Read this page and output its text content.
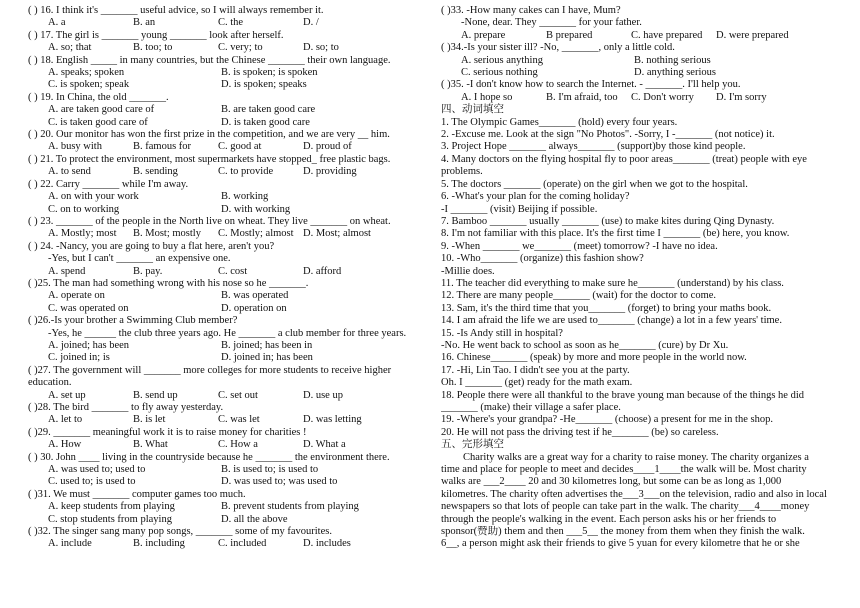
( ) 16. I think it's _______ useful advice, so I will always remember it.
A. a	B. an	C. the	D. /
( ) 17. The girl is _______ young _______ look after herself.
A. so; that	B. too; to	C. very; to	D. so; to
( ) 18. English _____ in many countries, but the Chinese _______ their own language.
A. speaks; spoken	B. is spoken; is spoken
C. is spoken; speak	D. is spoken; speaks
( ) 19. In China, the old _______.
A. are taken good care of	B. are taken good care
C. is taken good care of	D. is taken good care
( ) 20. Our monitor has won the first prize in the competition, and we are very __ him.
A. busy with	B. famous for	C. good at	D. proud of
( ) 21. To protect the environment, most supermarkets have stopped_ free plastic bags.
A. to send	B. sending	C. to provide	D. providing
( ) 22. Carry _______ while I'm away.
A. on with your work	B. working
C. on to working	D. with working
( ) 23. _______ of the people in the North live on wheat. They live _______ on wheat.
A. Mostly; most	B. Most; mostly	C. Mostly; almost D. Most; almost
( ) 24. -Nancy, you are going to buy a flat here, aren't you?
-Yes, but I can't _______ an expensive one.
A. spend	B. pay.	C. cost	D. afford
( )25. The man had something wrong with his nose so he _______.
A. operate on	B. was operated
C. was operated on	D. operation on
( )26.-Is your brother a Swimming Club member?
-Yes, he ______ the club three years ago. He _______ a club member for three years.
A. joined; has been	B. joined; has been in
C. joined in; is	D. joined in; has been
( )27. The government will _______ more colleges for more students to receive higher
education.
A. set up	B. send up	C. set out	D. use up
( )28. The bird _______ to fly away yesterday.
A. let to	B. is let	C. was let	D. was letting
( )29. _______ meaningful work it is to raise money for charities !
A. How	B. What	C. How a	D. What a
( ) 30. John ____ living in the countryside because he _______ the environment there.
A. was used to; used to	B. is used to; is used to
C. used to; is used to	D. was used to; was used to
( )31. We must _______ computer games too much.
A. keep students from playing	B. prevent students from playing
C. stop students from playing	D. all the above
( )32. The singer sang many pop songs, _______ some of my favourites.
A. include	B. including	C. included	D. includes
( )33. -How many cakes can I have, Mum?
-None, dear. They _______ for your father.
A. prepare	B prepared	C. have prepared	D. were prepared
( )34.-Is your sister ill? -No, _______, only a little cold.
A. serious anything	B. nothing serious
C. serious nothing	D. anything serious
( )35. -I don't know how to search the Internet. - _______. I'll help you.
A. I hope so	B. I'm afraid, too	C. Don't worry	D. I'm sorry
四、动词填空
1. The Olympic Games_______ (hold) every four years.
2. -Excuse me. Look at the sign "No Photos". -Sorry, I -_______ (not notice) it.
3. Project Hope _______ always_______ (support)by those kind people.
4. Many doctors on the flying hospital fly to poor areas_______ (treat) people with eye
problems.
5. The doctors _______ (operate) on the girl when we got to the hospital.
6. -What's your plan for the coming holiday?
-I _______ (visit) Beijing if possible.
7. Bamboo _______ usually _______ (use) to make kites during Qing Dynasty.
8. I'm not familiar with this place. It's the first time I _______ (be) here, you know.
9. -When _______ we_______ (meet) tomorrow? -I have no idea.
10. -Who_______ (organize) this fashion show?
-Millie does.
11. The teacher did everything to make sure he_______ (understand) by his class.
12. There are many people_______ (wait) for the doctor to come.
13. Sam, it's the third time that you_______ (forget) to bring your maths book.
14. I am afraid the life we are used to_______ (change) a lot in a few years' time.
15. -Is Andy still in hospital?
-No. He went back to school as soon as he_______ (cure) by Dr Xu.
16. Chinese_______ (speak) by more and more people in the world now.
17. -Hi, Lin Tao. I didn't see you at the party.
Oh. I _______ (get) ready for the math exam.
18. People there were all thankful to the brave young man because of the things he did
_______ (make) their village a safer place.
19. -Where's your grandpa? -He_______ (choose) a present for me in the shop.
20. He will not pass the driving test if he_______ (be) so careless.
五、完形填空
Charity walks are a great way for a charity to raise money. The charity organizes a
time and place for people to meet and decides____1____the walk will be. Most charity
walks are ___2____ 20 and 30 kilometres long, but some can be as long as 1,000
kilometres. The charity often advertises the___3___on the television, radio and also in local
newspapers so that lots of people can take part in the walk. The charity___4____money
through the people's walking in the event. Each person asks his or her friends to
sponsor(赞助) them and then ___5__ the money from them when they finish the walk.
6__, a person might ask their friends to give 5 yuan for every kilometre that he or she
